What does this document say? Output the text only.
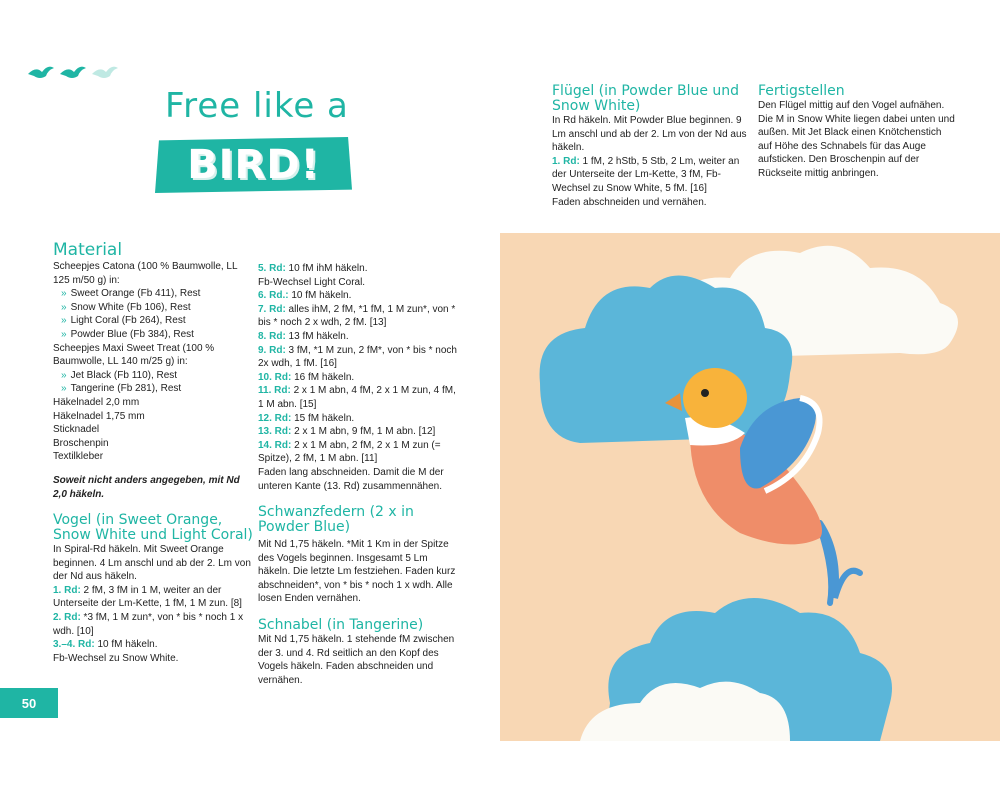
Free like a
BIRD!
Material

Scheepjes Catona (100 % Baumwolle, LL 125 m/50 g) in:

» Sweet Orange (Fb 411), Rest

» Snow White (Fb 106), Rest

» Light Coral (Fb 264), Rest

» Powder Blue (Fb 384), Rest

Scheepjes Maxi Sweet Treat (100 % Baumwolle, LL 140 m/25 g) in:

» Jet Black (Fb 110), Rest

» Tangerine (Fb 281), Rest

Häkelnadel 2,0 mm

Häkelnadel 1,75 mm

Sticknadel

Broschenpin

Textilkleber

Soweit nicht anders angegeben, mit Nd 2,0 häkeln.

Vogel (in Sweet Orange, Snow White und Light Coral)

In Spiral-Rd häkeln. Mit Sweet Orange beginnen. 4 Lm anschl und ab der 2. Lm von der Nd aus häkeln.

1. Rd: 2 fM, 3 fM in 1 M, weiter an der Unterseite der Lm-Kette, 1 fM, 1 M zun. [8]

2. Rd: *3 fM, 1 M zun*, von * bis * noch 1 x wdh. [10]

3.–4. Rd: 10 fM häkeln.

Fb-Wechsel zu Snow White.

5. Rd: 10 fM ihM häkeln.

Fb-Wechsel Light Coral.

6. Rd.: 10 fM häkeln.

7. Rd: alles ihM, 2 fM, *1 fM, 1 M zun*, von * bis * noch 2 x wdh, 2 fM. [13]

8. Rd: 13 fM häkeln.

9. Rd: 3 fM, *1 M zun, 2 fM*, von * bis * noch 2x wdh, 1 fM. [16]

10. Rd: 16 fM häkeln.

11. Rd: 2 x 1 M abn, 4 fM, 2 x 1 M zun, 4 fM, 1 M abn. [15]

12. Rd: 15 fM häkeln.

13. Rd: 2 x 1 M abn, 9 fM, 1 M abn. [12]

14. Rd: 2 x 1 M abn, 2 fM, 2 x 1 M zun (= Spitze), 2 fM, 1 M abn. [11]

Faden lang abschneiden. Damit die M der unteren Kante (13. Rd) zusammennähen.

Schwanzfedern (2 x in Powder Blue)

Mit Nd 1,75 häkeln. *Mit 1 Km in der Spitze des Vogels beginnen. Insgesamt 5 Lm häkeln. Die letzte Lm festziehen. Faden kurz abschneiden*, von * bis * noch 1 x wdh. Alle losen Enden vernähen.

Schnabel (in Tangerine)

Mit Nd 1,75 häkeln. 1 stehende fM zwischen der 3. und 4. Rd seitlich an den Kopf des Vogels häkeln. Faden abschneiden und vernähen.

Flügel (in Powder Blue und Snow White)

In Rd häkeln. Mit Powder Blue beginnen. 9 Lm anschl und ab der 2. Lm von der Nd aus häkeln.

1. Rd: 1 fM, 2 hStb, 5 Stb, 2 Lm, weiter an der Unterseite der Lm-Kette, 3 fM, Fb-Wechsel zu Snow White, 5 fM. [16]

Faden abschneiden und vernähen.

Fertigstellen

Den Flügel mittig auf den Vogel aufnähen. Die M in Snow White liegen dabei unten und außen. Mit Jet Black einen Knötchenstich auf Höhe des Schnabels für das Auge aufsticken. Den Broschenpin auf der Rückseite mittig anbringen.

50
